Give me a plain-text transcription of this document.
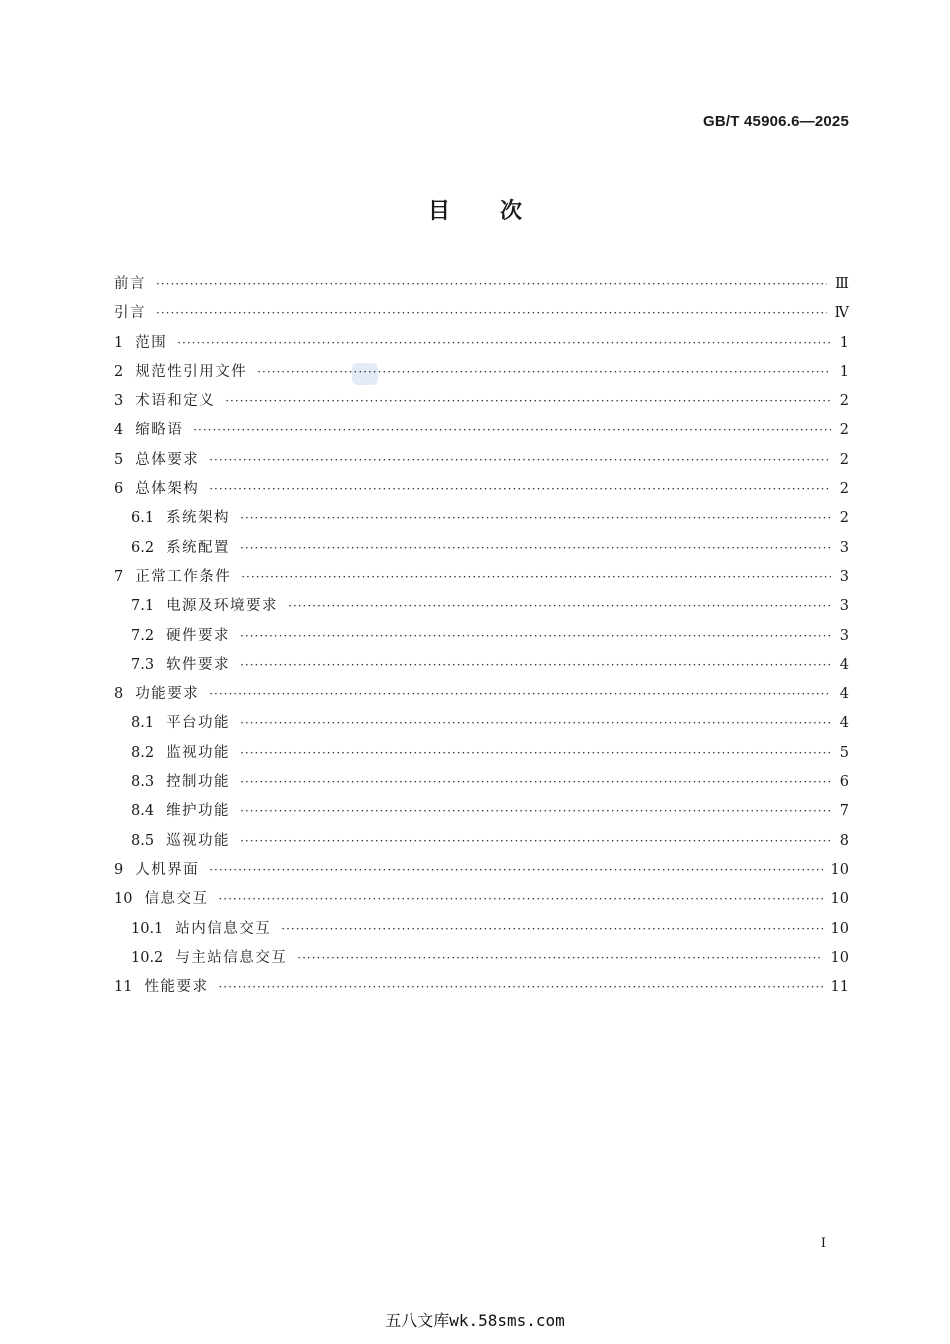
GB/T 45906.6—2025
目 次
前言 ·····	Ⅲ
引言 ·····	Ⅳ
1 范围 ·····	1
2 规范性引用文件 ·····	1
3 术语和定义 ·····	2
4 缩略语 ·····	2
5 总体要求 ·····	2
6 总体架构 ·····	2
6.1 系统架构 ·····	2
6.2 系统配置 ·····	3
7 正常工作条件 ·····	3
7.1 电源及环境要求 ·····	3
7.2 硬件要求 ·····	3
7.3 软件要求 ·····	4
8 功能要求 ·····	4
8.1 平台功能 ·····	4
8.2 监视功能 ·····	5
8.3 控制功能 ·····	6
8.4 维护功能 ·····	7
8.5 巡视功能 ·····	8
9 人机界面 ·····	10
10 信息交互 ·····	10
10.1 站内信息交互 ·····	10
10.2 与主站信息交互 ·····	10
11 性能要求 ·····	11
I
五八文库wk.58sms.com
